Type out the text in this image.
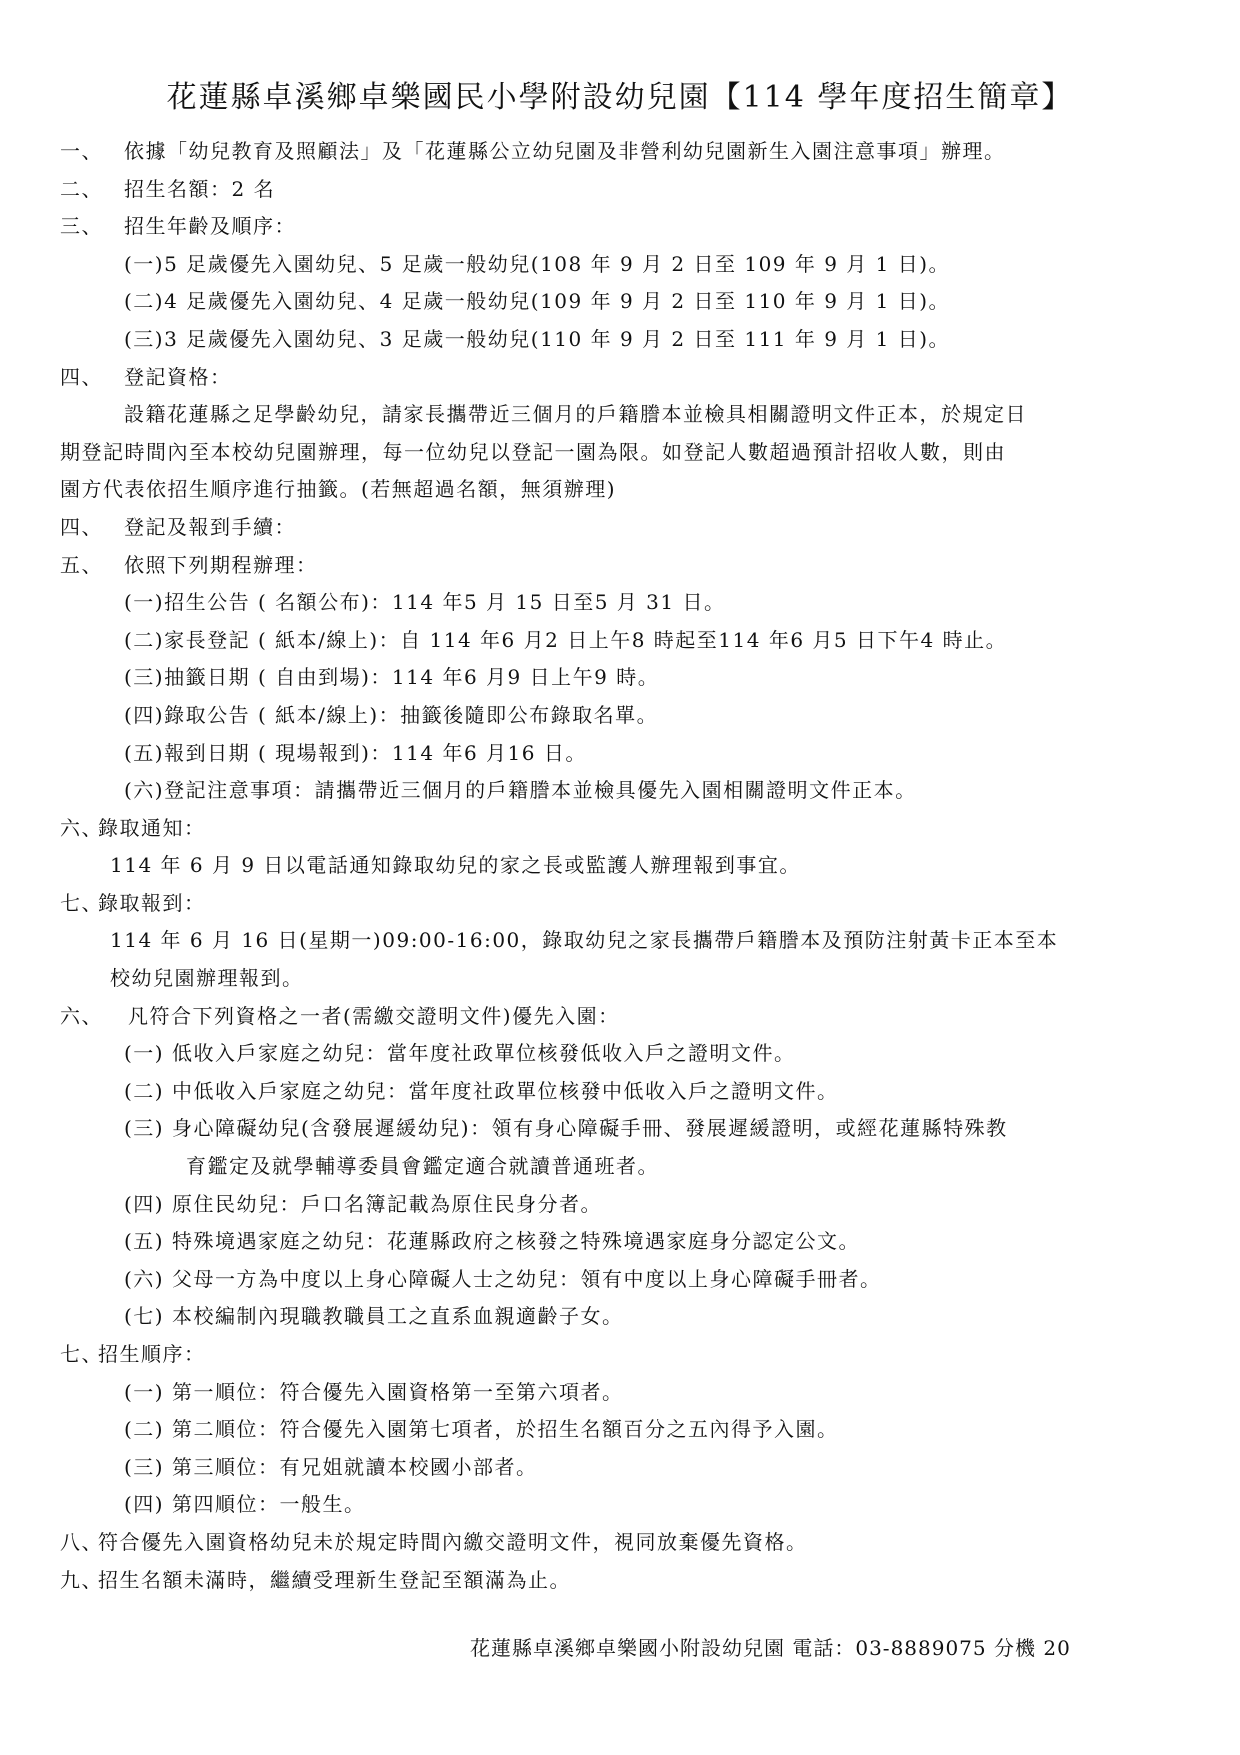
花蓮縣卓溪鄉卓樂國民小學附設幼兒園【114 學年度招生簡章】
一、 依據「幼兒教育及照顧法」及「花蓮縣公立幼兒園及非營利幼兒園新生入園注意事項」辦理。
二、 招生名額：2 名
三、 招生年齡及順序：
(一)5 足歲優先入園幼兒、5 足歲一般幼兒(108 年 9 月 2 日至 109 年 9 月 1 日)。
(二)4 足歲優先入園幼兒、4 足歲一般幼兒(109 年 9 月 2 日至 110 年 9 月 1 日)。
(三)3 足歲優先入園幼兒、3 足歲一般幼兒(110 年 9 月 2 日至 111 年 9 月 1 日)。
四、 登記資格：
設籍花蓮縣之足學齡幼兒，請家長攜帶近三個月的戶籍謄本並檢具相關證明文件正本，於規定日
期登記時間內至本校幼兒園辦理，每一位幼兒以登記一園為限。如登記人數超過預計招收人數，則由
園方代表依招生順序進行抽籤。(若無超過名額，無須辦理)
四、 登記及報到手續：
五、 依照下列期程辦理：
(一)招生公告 ( 名額公布)：114 年5 月 15 日至5 月 31 日。
(二)家長登記 ( 紙本/線上)：自 114 年6 月2 日上午8 時起至114 年6 月5 日下午4 時止。
(三)抽籤日期 ( 自由到場)：114 年6 月9 日上午9 時。
(四)錄取公告 ( 紙本/線上)：抽籤後隨即公布錄取名單。
(五)報到日期 ( 現場報到)：114 年6 月16 日。
(六)登記注意事項：請攜帶近三個月的戶籍謄本並檢具優先入園相關證明文件正本。
六、
錄取通知：
114 年 6 月 9 日以電話通知錄取幼兒的家之長或監護人辦理報到事宜。
七、
錄取報到：
114 年 6 月 16 日(星期一)09:00-16:00，錄取幼兒之家長攜帶戶籍謄本及預防注射黃卡正本至本
校幼兒園辦理報到。
六、 凡符合下列資格之一者(需繳交證明文件)優先入園：
(一) 低收入戶家庭之幼兒：當年度社政單位核發低收入戶之證明文件。
(二) 中低收入戶家庭之幼兒：當年度社政單位核發中低收入戶之證明文件。
(三) 身心障礙幼兒(含發展遲緩幼兒)：領有身心障礙手冊、發展遲緩證明，或經花蓮縣特殊教
育鑑定及就學輔導委員會鑑定適合就讀普通班者。
(四) 原住民幼兒：戶口名簿記載為原住民身分者。
(五) 特殊境遇家庭之幼兒：花蓮縣政府之核發之特殊境遇家庭身分認定公文。
(六) 父母一方為中度以上身心障礙人士之幼兒：領有中度以上身心障礙手冊者。
(七) 本校編制內現職教職員工之直系血親適齡子女。
七、
招生順序：
(一) 第一順位：符合優先入園資格第一至第六項者。
(二) 第二順位：符合優先入園第七項者，於招生名額百分之五內得予入園。
(三) 第三順位：有兄姐就讀本校國小部者。
(四) 第四順位：一般生。
八、
符合優先入園資格幼兒未於規定時間內繳交證明文件，視同放棄優先資格。
九、
招生名額未滿時，繼續受理新生登記至額滿為止。
花蓮縣卓溪鄉卓樂國小附設幼兒園 電話：03-8889075 分機 20
